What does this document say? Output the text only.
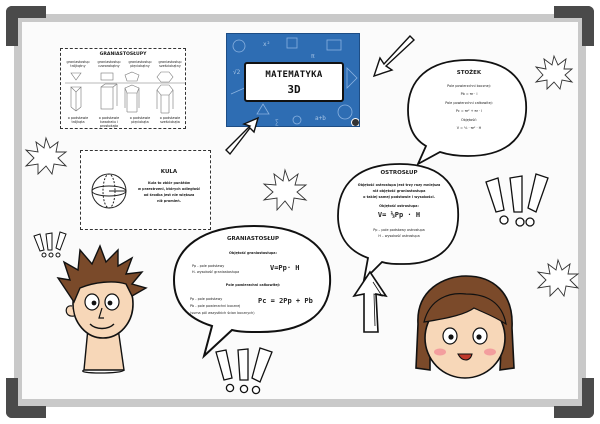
GRANIASTOSŁUPY
graniastosłup trójkątny
graniastosłup czworokątny
graniastosłup pięciokątny
graniastosłup sześciokątny
o podstawie trójkąta
o podstawie kwadratu i prostokąta
o podstawie pięciokąta
o podstawie sześciokąta
x²
π
√2
a+b
∑
MATEMATYKA
3D
STOŻEK
Pole powierzchni bocznej:
Pb = πr · l
Pole powierzchni całkowitej:
Pc = πr² + πr · l
Objętość:
V = ⅓ · πr² · H
KULA
Kula to zbiór punktów
w przestrzeni, których odległość
od środka jest nie większa
niż promień.
OSTROSŁUP
Objętość ostrosłupa jest trzy razy mniejsza
niż objętość graniastosłupa
o takiej samej podstawie i wysokości.
Objętość ostrosłupa:
V= ⅓Pp · H
Pp – pole podstawy ostrosłupa
H – wysokość ostrosłupa
GRANIASTOSŁUP
Objętość graniastosłupa:
Pp - pole podstawy
H- wysokość graniastosłupa	V=Pp· H
Pole powierzchni całkowitej:
Pp - pole podstawy
Pb - pole powierzchni bocznej
(suma pól wszystkich ścian bocznych)
Pc = 2Pp + Pb
